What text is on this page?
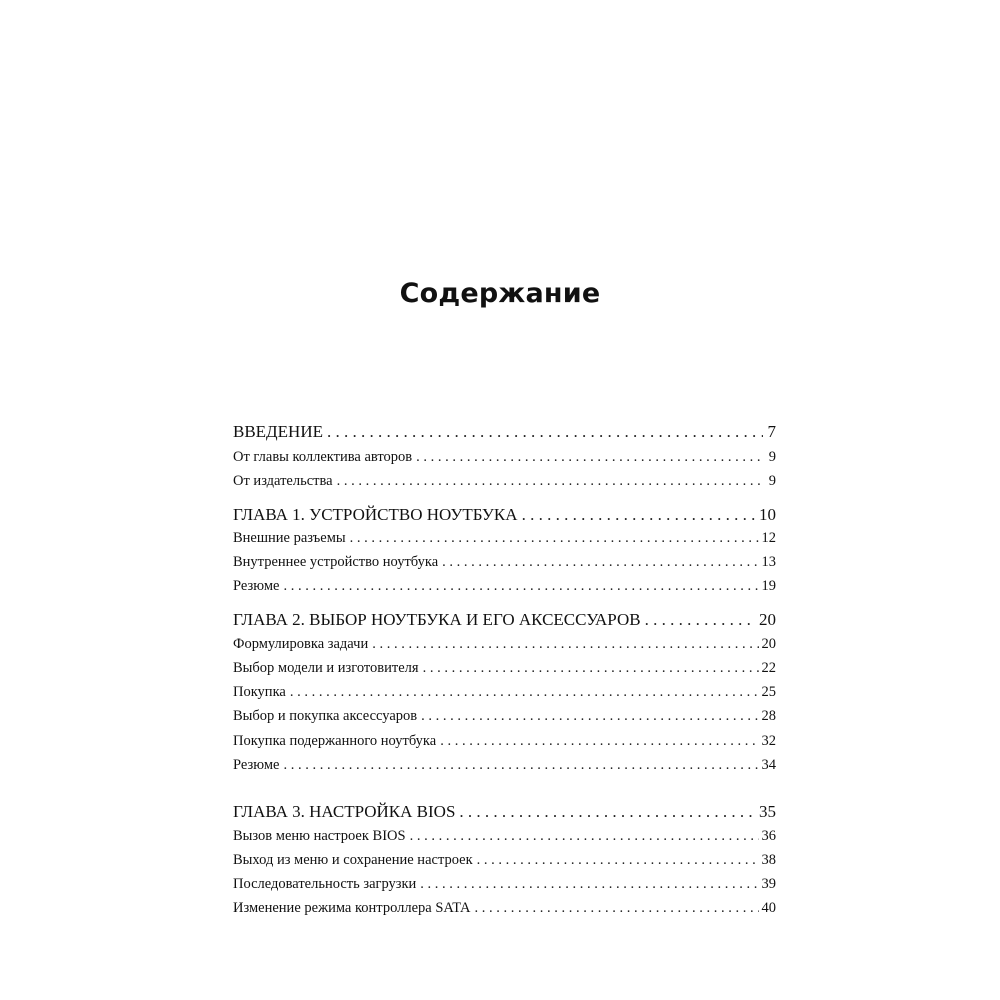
Содержание
ВВЕДЕНИЕ . . .	7
От главы коллектива авторов . . .	9
От издательства . . .	9
ГЛАВА 1. УСТРОЙСТВО НОУТБУКА . . .	10
Внешние разъемы . . .	12
Внутреннее устройство ноутбука . . .	13
Резюме . . .	19
ГЛАВА 2. ВЫБОР НОУТБУКА И ЕГО АКСЕССУАРОВ . . .	20
Формулировка задачи . . .	20
Выбор модели и изготовителя . . .	22
Покупка . . .	25
Выбор и покупка аксессуаров . . .	28
Покупка подержанного ноутбука . . .	32
Резюме . . .	34
ГЛАВА 3. НАСТРОЙКА BIOS . . .	35
Вызов меню настроек BIOS . . .	36
Выход из меню и сохранение настроек . . .	38
Последовательность загрузки . . .	39
Изменение режима контроллера SATA . . .	40
